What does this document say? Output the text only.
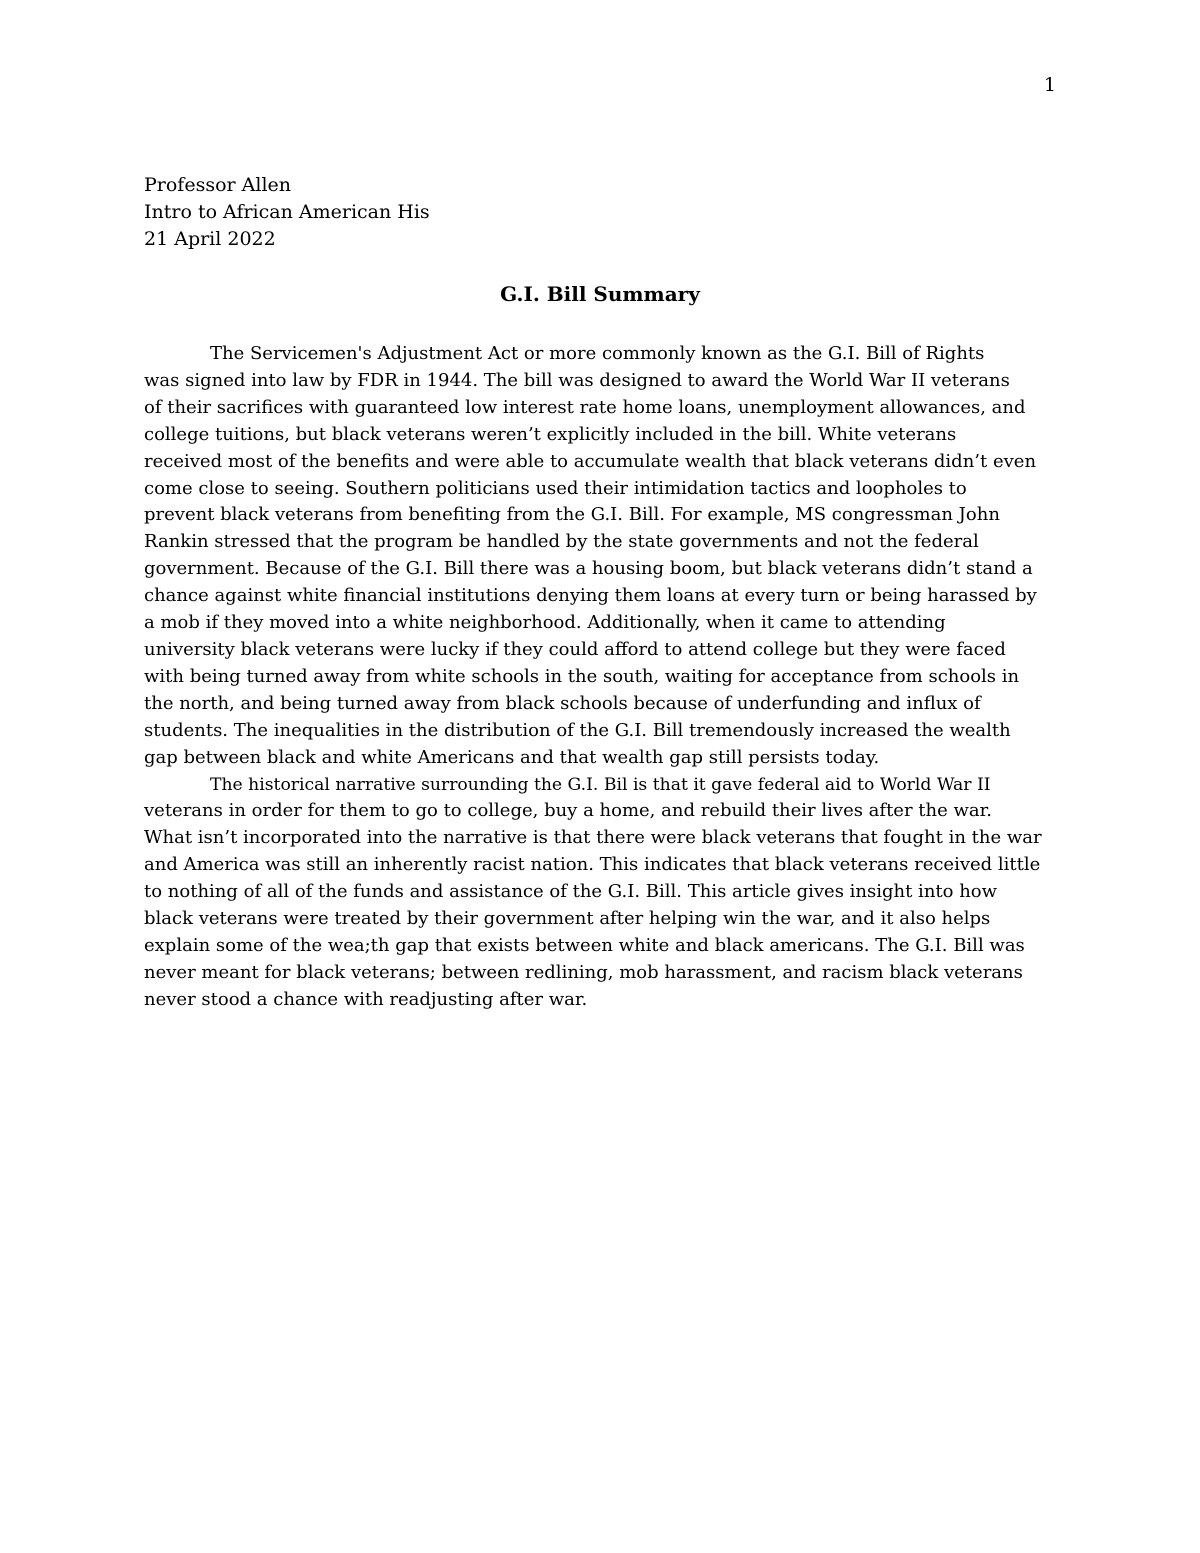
1
Professor Allen
Intro to African American His
21 April 2022
G.I. Bill Summary

The Servicemen's Adjustment Act or more commonly known as the G.I. Bill of Rights
was signed into law by FDR in 1944. The bill was designed to award the World War II veterans
of their sacrifices with guaranteed low interest rate home loans, unemployment allowances, and
college tuitions, but black veterans weren’t explicitly included in the bill. White veterans
received most of the benefits and were able to accumulate wealth that black veterans didn’t even
come close to seeing. Southern politicians used their intimidation tactics and loopholes to
prevent black veterans from benefiting from the G.I. Bill. For example, MS congressman John
Rankin stressed that the program be handled by the state governments and not the federal
government. Because of the G.I. Bill there was a housing boom, but black veterans didn’t stand a
chance against white financial institutions denying them loans at every turn or being harassed by
a mob if they moved into a white neighborhood. Additionally, when it came to attending
university black veterans were lucky if they could afford to attend college but they were faced
with being turned away from white schools in the south, waiting for acceptance from schools in
the north, and being turned away from black schools because of underfunding and influx of
students. The inequalities in the distribution of the G.I. Bill tremendously increased the wealth
gap between black and white Americans and that wealth gap still persists today.

The historical narrative surrounding the G.I. Bil is that it gave federal aid to World War II
veterans in order for them to go to college, buy a home, and rebuild their lives after the war.
What isn’t incorporated into the narrative is that there were black veterans that fought in the war
and America was still an inherently racist nation. This indicates that black veterans received little
to nothing of all of the funds and assistance of the G.I. Bill. This article gives insight into how
black veterans were treated by their government after helping win the war, and it also helps
explain some of the wea;th gap that exists between white and black americans. The G.I. Bill was
never meant for black veterans; between redlining, mob harassment, and racism black veterans
never stood a chance with readjusting after war.
